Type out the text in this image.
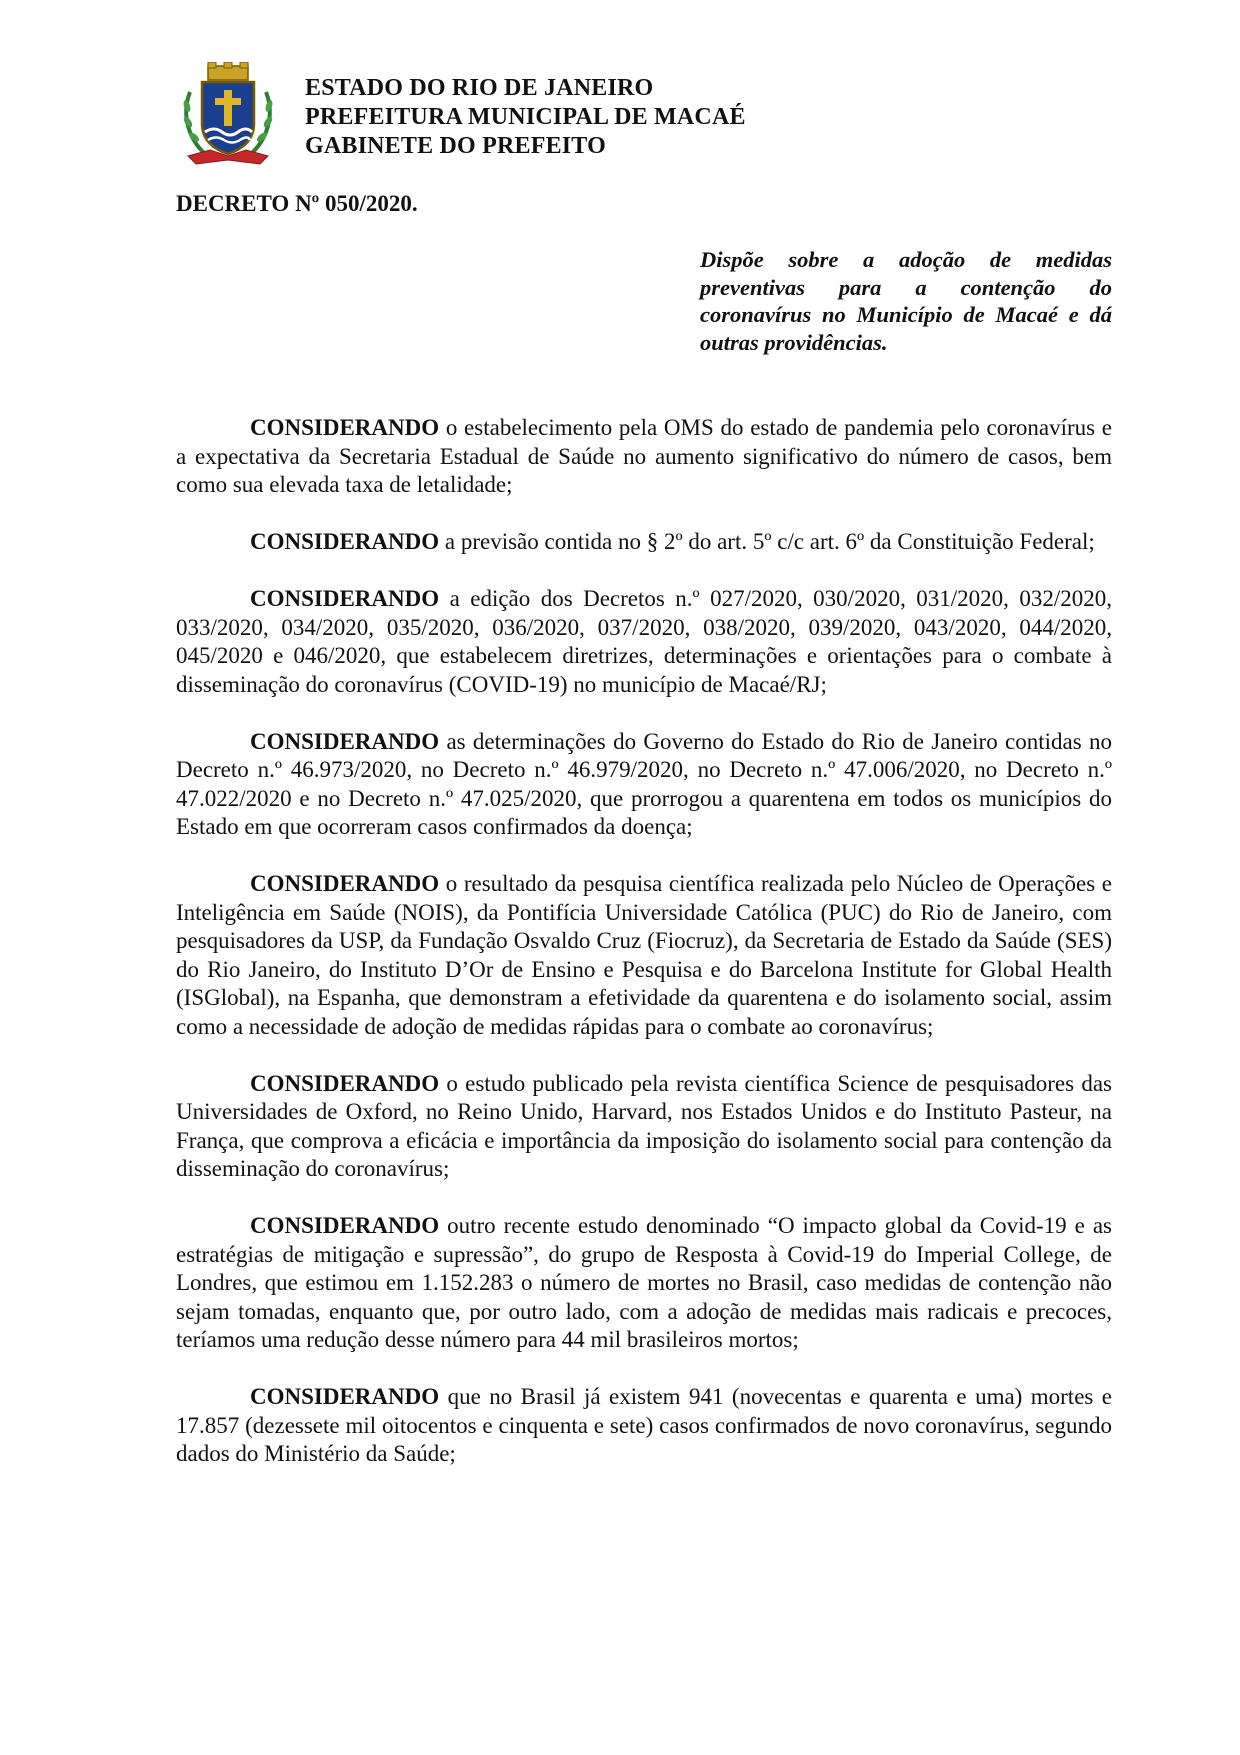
ESTADO DO RIO DE JANEIRO
PREFEITURA MUNICIPAL DE MACAÉ
GABINETE DO PREFEITO
DECRETO Nº 050/2020.
Dispõe sobre a adoção de medidas preventivas para a contenção do coronavírus no Município de Macaé e dá outras providências.

CONSIDERANDO o estabelecimento pela OMS do estado de pandemia pelo coronavírus e a expectativa da Secretaria Estadual de Saúde no aumento significativo do número de casos, bem como sua elevada taxa de letalidade;

CONSIDERANDO a previsão contida no § 2º do art. 5º c/c art. 6º da Constituição Federal;

CONSIDERANDO a edição dos Decretos n.º 027/2020, 030/2020, 031/2020, 032/2020, 033/2020, 034/2020, 035/2020, 036/2020, 037/2020, 038/2020, 039/2020, 043/2020, 044/2020, 045/2020 e 046/2020, que estabelecem diretrizes, determinações e orientações para o combate à disseminação do coronavírus (COVID-19) no município de Macaé/RJ;

CONSIDERANDO as determinações do Governo do Estado do Rio de Janeiro contidas no Decreto n.º 46.973/2020, no Decreto n.º 46.979/2020, no Decreto n.º 47.006/2020, no Decreto n.º 47.022/2020 e no Decreto n.º 47.025/2020, que prorrogou a quarentena em todos os municípios do Estado em que ocorreram casos confirmados da doença;

CONSIDERANDO o resultado da pesquisa científica realizada pelo Núcleo de Operações e Inteligência em Saúde (NOIS), da Pontifícia Universidade Católica (PUC) do Rio de Janeiro, com pesquisadores da USP, da Fundação Osvaldo Cruz (Fiocruz), da Secretaria de Estado da Saúde (SES) do Rio Janeiro, do Instituto D’Or de Ensino e Pesquisa e do Barcelona Institute for Global Health (ISGlobal), na Espanha, que demonstram a efetividade da quarentena e do isolamento social, assim como a necessidade de adoção de medidas rápidas para o combate ao coronavírus;

CONSIDERANDO o estudo publicado pela revista científica Science de pesquisadores das Universidades de Oxford, no Reino Unido, Harvard, nos Estados Unidos e do Instituto Pasteur, na França, que comprova a eficácia e importância da imposição do isolamento social para contenção da disseminação do coronavírus;

CONSIDERANDO outro recente estudo denominado “O impacto global da Covid-19 e as estratégias de mitigação e supressão”, do grupo de Resposta à Covid-19 do Imperial College, de Londres, que estimou em 1.152.283 o número de mortes no Brasil, caso medidas de contenção não sejam tomadas, enquanto que, por outro lado, com a adoção de medidas mais radicais e precoces, teríamos uma redução desse número para 44 mil brasileiros mortos;

CONSIDERANDO que no Brasil já existem 941 (novecentas e quarenta e uma) mortes e 17.857 (dezessete mil oitocentos e cinquenta e sete) casos confirmados de novo coronavírus, segundo dados do Ministério da Saúde;
